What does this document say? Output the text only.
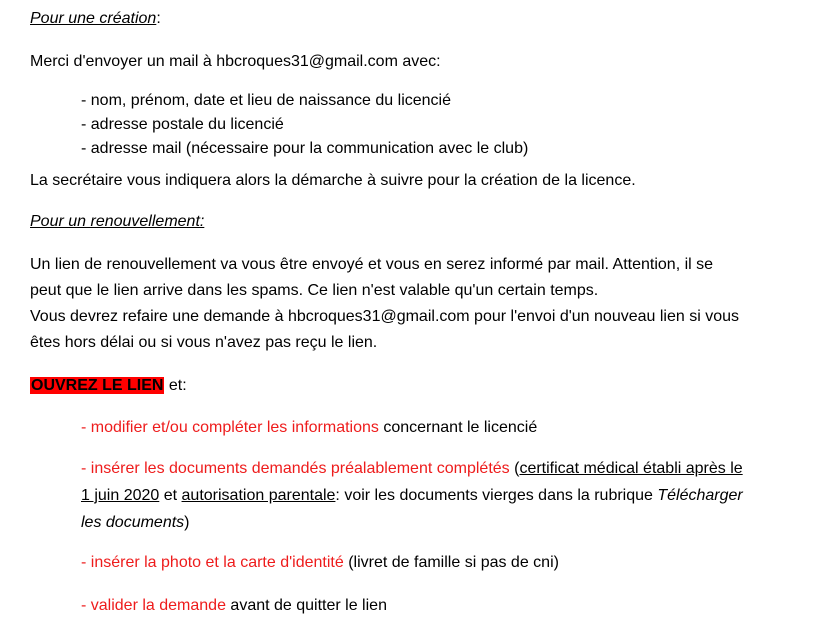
Pour une création:
Merci d'envoyer un mail à hbcroques31@gmail.com avec:
- nom, prénom, date et lieu de naissance du licencié
- adresse postale du licencié
- adresse mail (nécessaire pour la communication avec le club)
La secrétaire vous indiquera alors la démarche à suivre pour la création de la licence.
Pour un renouvellement:
Un lien de renouvellement va vous être envoyé et vous en serez informé par mail. Attention, il se
peut que le lien arrive dans les spams. Ce lien n'est valable qu'un certain temps.
Vous devrez refaire une demande à hbcroques31@gmail.com pour l'envoi d'un nouveau lien si vous
êtes hors délai ou si vous n'avez pas reçu le lien.
OUVREZ LE LIEN et:
- modifier et/ou compléter les informations concernant le licencié
- insérer les documents demandés préalablement complétés (certificat médical établi après le
1 juin 2020 et autorisation parentale: voir les documents vierges dans la rubrique Télécharger
les documents)
- insérer la photo et la carte d'identité (livret de famille si pas de cni)
- valider la demande avant de quitter le lien
